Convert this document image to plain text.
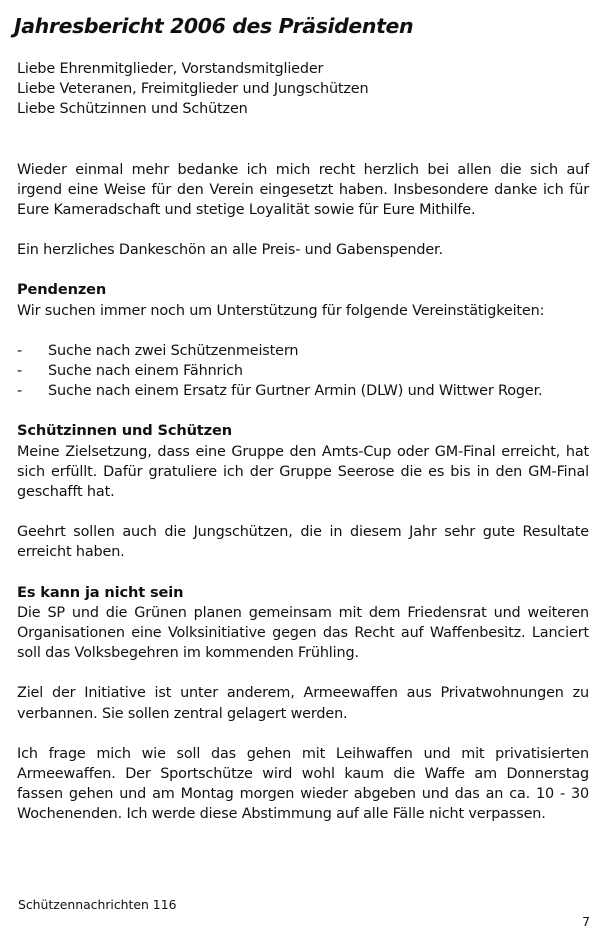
Jahresbericht 2006 des Präsidenten

Liebe Ehrenmitglieder, Vorstandsmitglieder
Liebe Veteranen, Freimitglieder und Jungschützen
Liebe Schützinnen und Schützen

Wieder einmal mehr bedanke ich mich recht herzlich bei allen die sich auf irgend eine Weise für den Verein eingesetzt haben. Insbesondere danke ich für Eure Kameradschaft und stetige Loyalität sowie für Eure Mithilfe.

Ein herzliches Dankeschön an alle Preis- und Gabenspender.

Pendenzen

Wir suchen immer noch um Unterstützung für folgende Vereinstätigkeiten:

- Suche nach zwei Schützenmeistern
- Suche nach einem Fähnrich
- Suche nach einem Ersatz für Gurtner Armin (DLW) und Wittwer Roger.
Schützinnen und Schützen

Meine Zielsetzung, dass eine Gruppe den Amts-Cup oder GM-Final erreicht, hat sich erfüllt. Dafür gratuliere ich der Gruppe Seerose die es bis in den GM-Final geschafft hat.

Geehrt sollen auch die Jungschützen, die in diesem Jahr sehr gute Resultate erreicht haben.

Es kann ja nicht sein

Die SP und die Grünen planen gemeinsam mit dem Friedensrat und weiteren Organisationen eine Volksinitiative gegen das Recht auf Waffenbesitz. Lanciert soll das Volksbegehren im kommenden Frühling.

Ziel der Initiative ist unter anderem, Armeewaffen aus Privatwohnungen zu verbannen. Sie sollen zentral gelagert werden.

Ich frage mich wie soll das gehen mit Leihwaffen und mit privatisierten Armeewaffen. Der Sportschütze wird wohl kaum die Waffe am Donnerstag fassen gehen und am Montag morgen wieder abgeben und das an ca. 10 - 30 Wochenenden. Ich werde diese Abstimmung auf alle Fälle nicht verpassen.

Schützennachrichten 116
7
